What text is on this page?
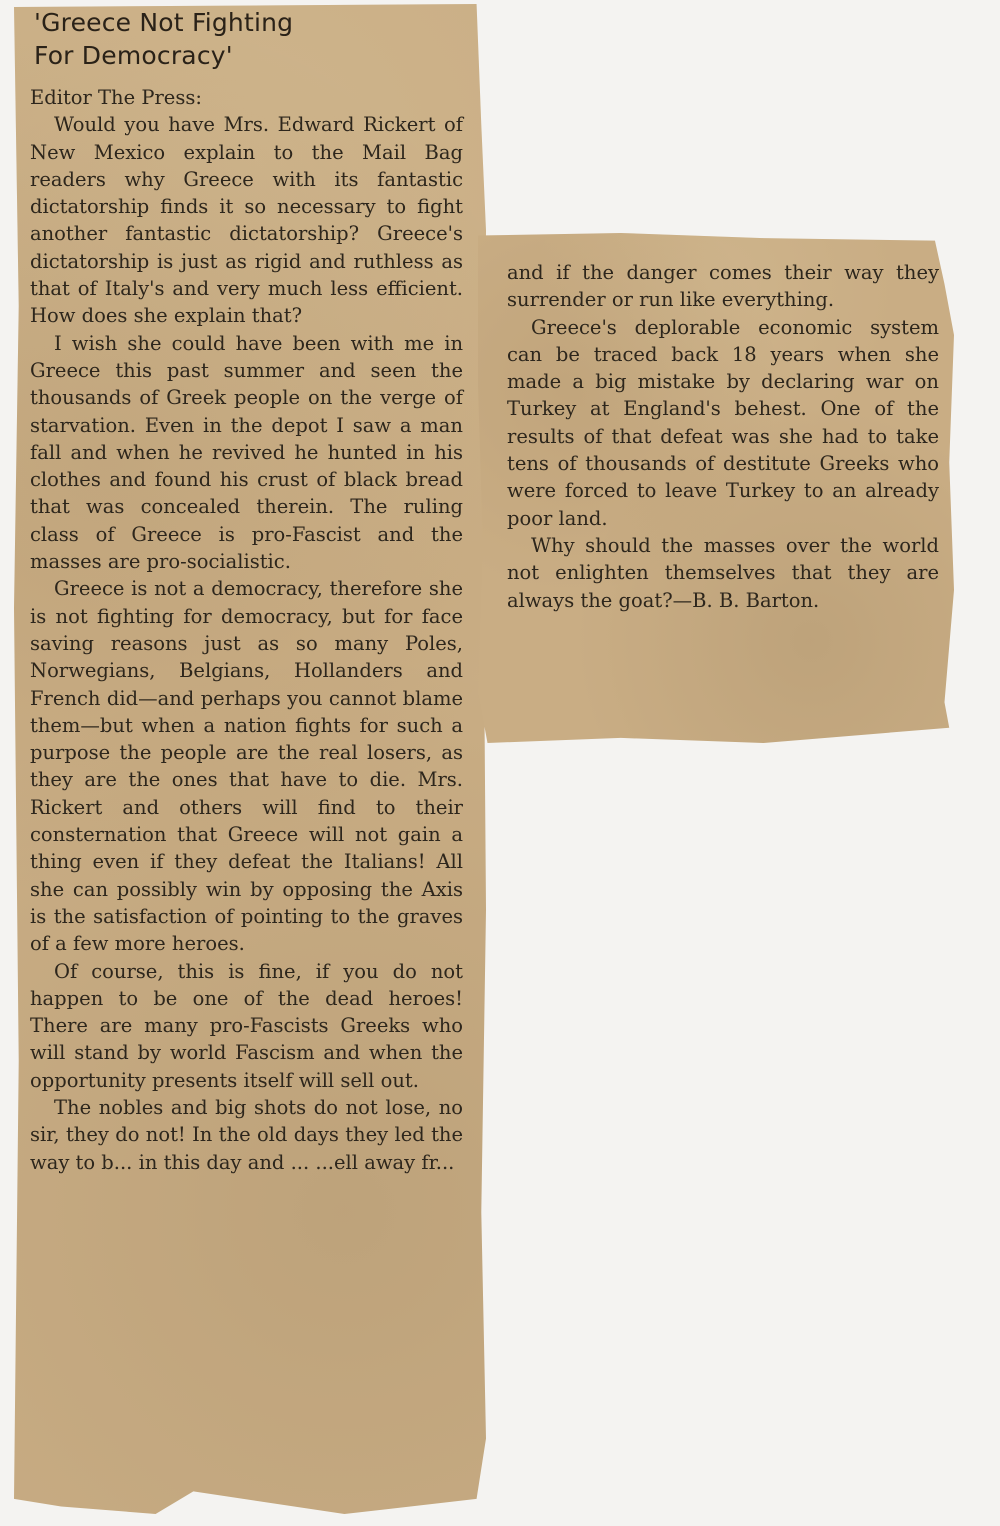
'Greece Not Fighting
For Democracy'

Editor The Press:

Would you have Mrs. Edward Rickert of New Mexico explain to the Mail Bag readers why Greece with its fantastic dictatorship finds it so necessary to fight another fantastic dictatorship? Greece's dictatorship is just as rigid and ruthless as that of Italy's and very much less efficient. How does she explain that?

I wish she could have been with me in Greece this past summer and seen the thousands of Greek people on the verge of starvation. Even in the depot I saw a man fall and when he revived he hunted in his clothes and found his crust of black bread that was concealed therein. The ruling class of Greece is pro-Fascist and the masses are pro-socialistic.

Greece is not a democracy, therefore she is not fighting for democracy, but for face saving reasons just as so many Poles, Norwegians, Belgians, Hollanders and French did—and perhaps you cannot blame them—but when a nation fights for such a purpose the people are the real losers, as they are the ones that have to die. Mrs. Rickert and others will find to their consternation that Greece will not gain a thing even if they defeat the Italians! All she can possibly win by opposing the Axis is the satisfaction of pointing to the graves of a few more heroes.

Of course, this is fine, if you do not happen to be one of the dead heroes! There are many pro-Fascists Greeks who will stand by world Fascism and when the opportunity presents itself will sell out.

The nobles and big shots do not lose, no sir, they do not! In the old days they led the way to b... in this day and ... ...ell away fr...

and if the danger comes their way they surrender or run like everything.

Greece's deplorable economic system can be traced back 18 years when she made a big mistake by declaring war on Turkey at England's behest. One of the results of that defeat was she had to take tens of thousands of destitute Greeks who were forced to leave Turkey to an already poor land.

Why should the masses over the world not enlighten themselves that they are always the goat?—B. B. Barton.
